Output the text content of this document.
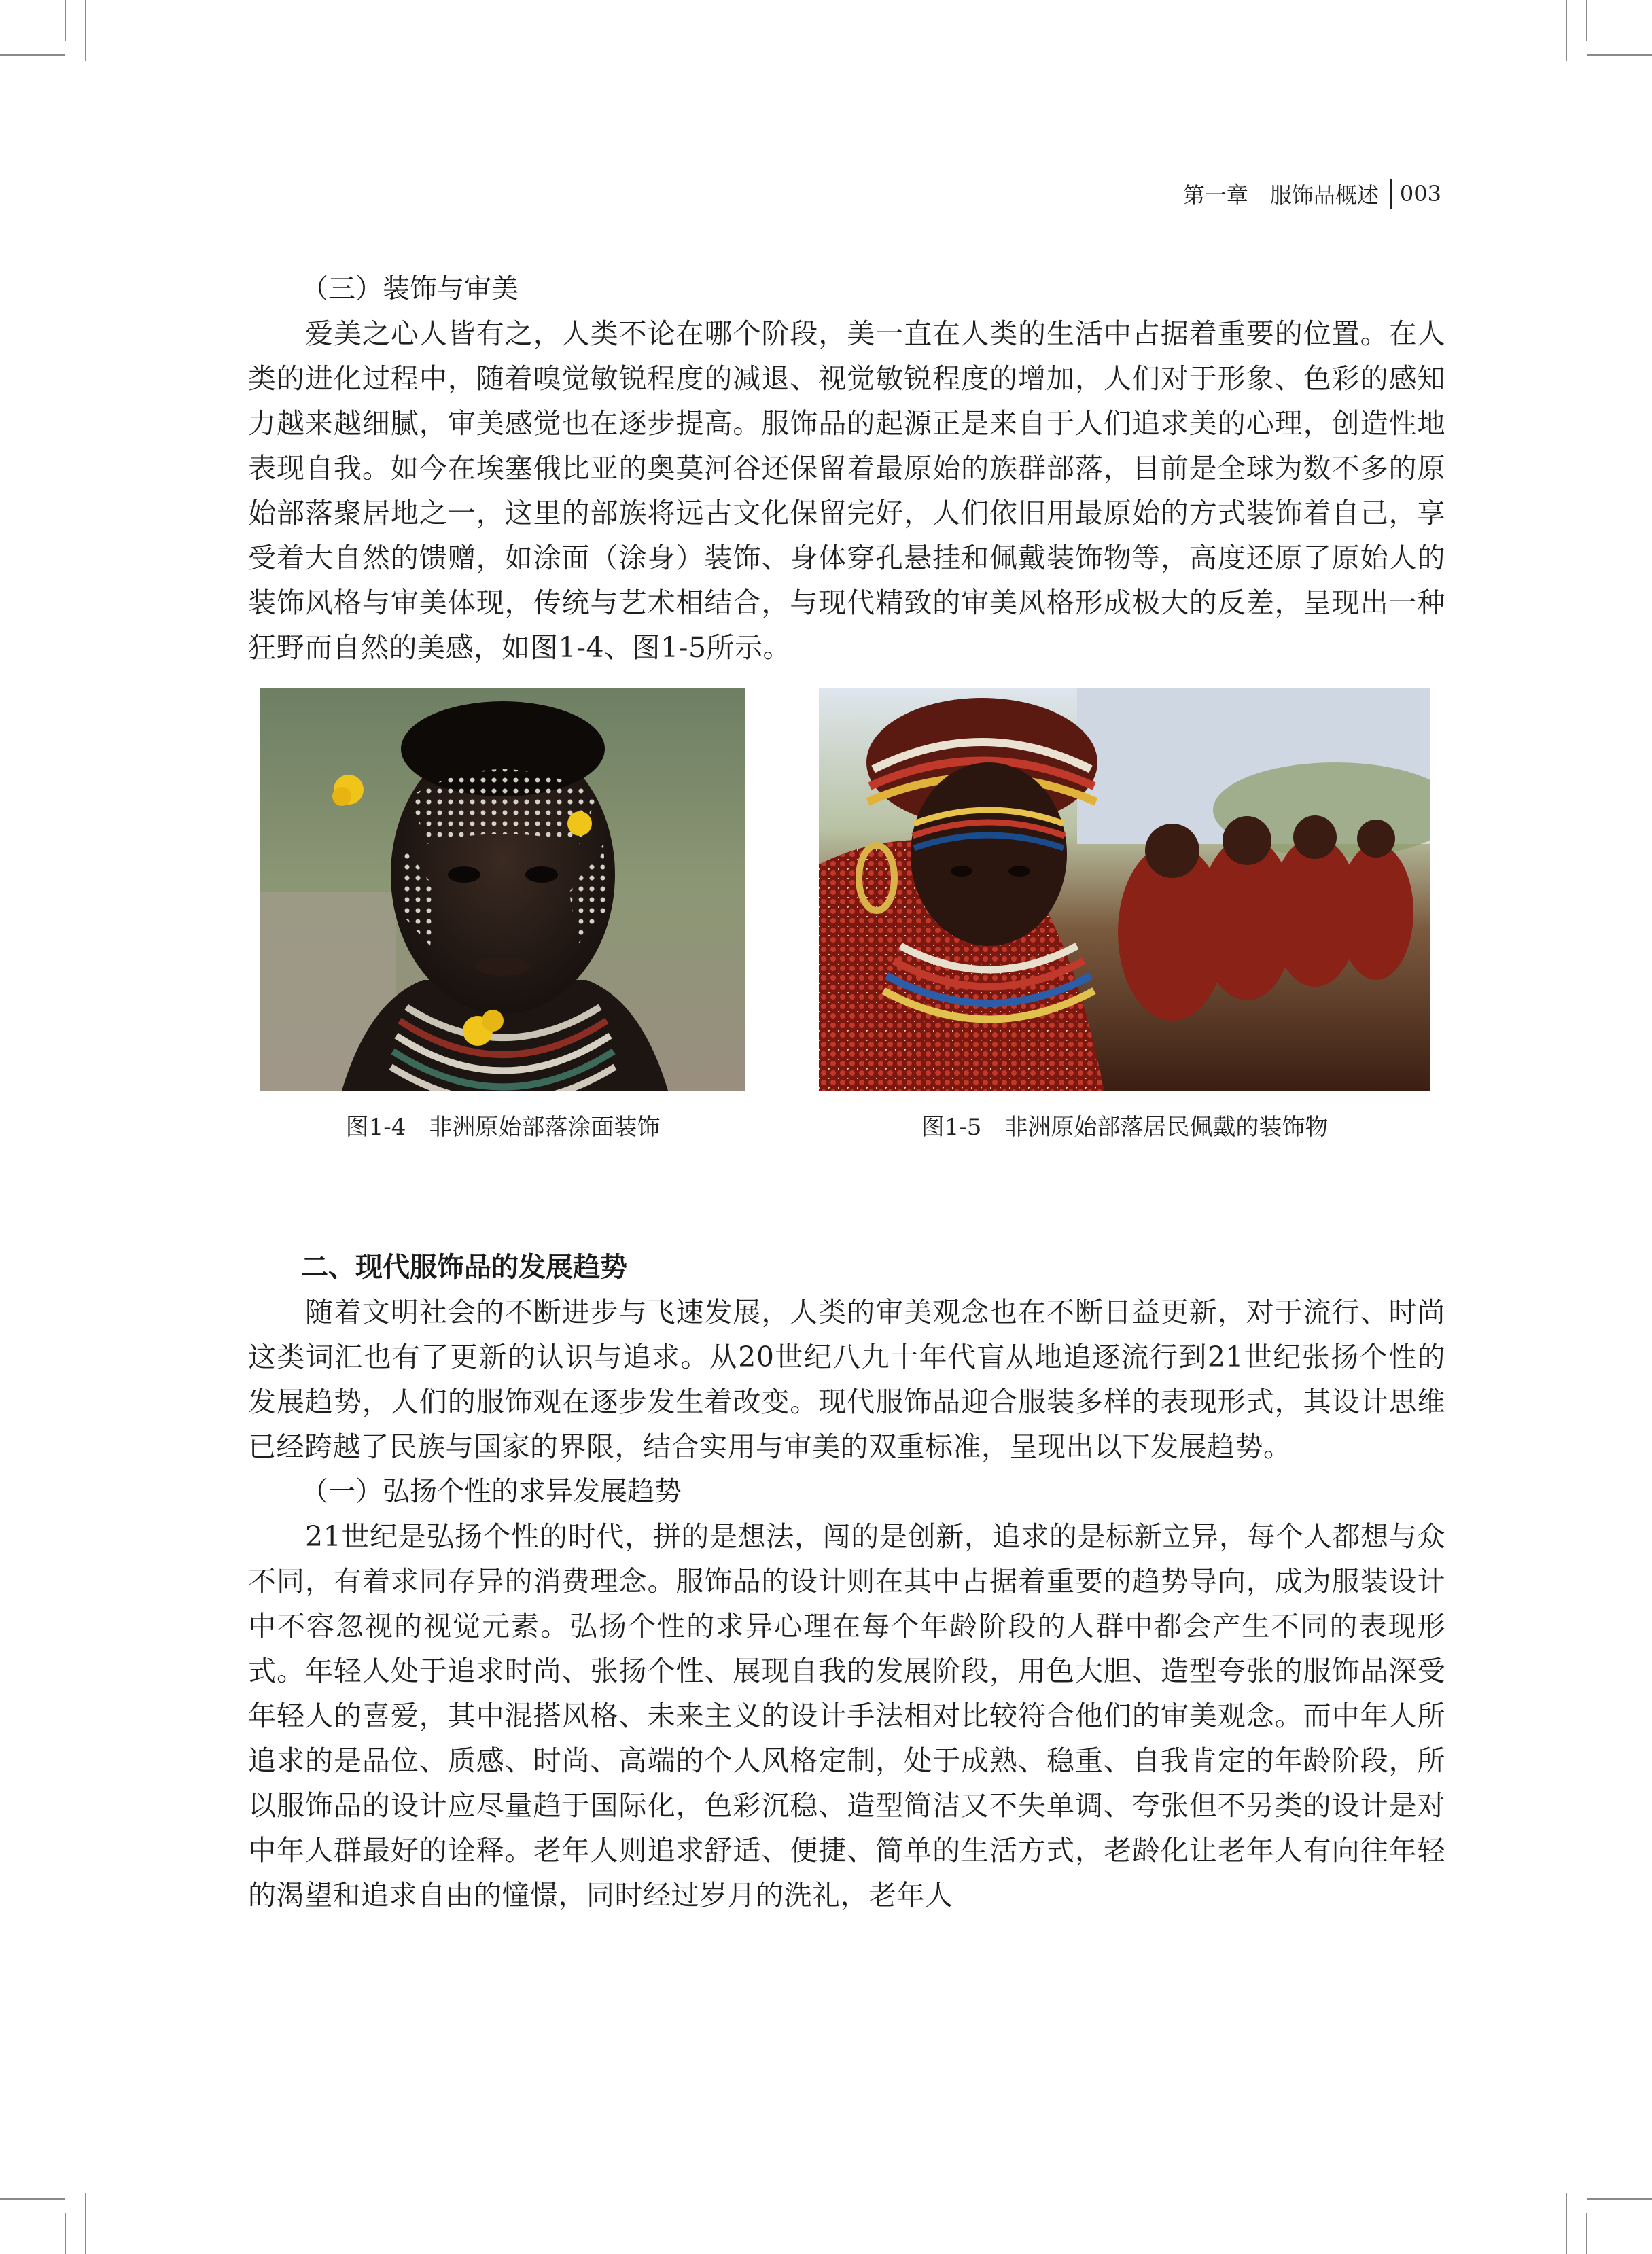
第一章　服饰品概述 003
（三）装饰与审美

爱美之心人皆有之，人类不论在哪个阶段，美一直在人类的生活中占据着重要的位置。在人类的进化过程中，随着嗅觉敏锐程度的减退、视觉敏锐程度的增加，人们对于形象、色彩的感知力越来越细腻，审美感觉也在逐步提高。服饰品的起源正是来自于人们追求美的心理，创造性地表现自我。如今在埃塞俄比亚的奥莫河谷还保留着最原始的族群部落，目前是全球为数不多的原始部落聚居地之一，这里的部族将远古文化保留完好，人们依旧用最原始的方式装饰着自己，享受着大自然的馈赠，如涂面（涂身）装饰、身体穿孔悬挂和佩戴装饰物等，高度还原了原始人的装饰风格与审美体现，传统与艺术相结合，与现代精致的审美风格形成极大的反差，呈现出一种狂野而自然的美感，如图1-4、图1-5所示。

图1-4　非洲原始部落涂面装饰	图1-5　非洲原始部落居民佩戴的装饰物
二、现代服饰品的发展趋势

随着文明社会的不断进步与飞速发展，人类的审美观念也在不断日益更新，对于流行、时尚这类词汇也有了更新的认识与追求。从20世纪八九十年代盲从地追逐流行到21世纪张扬个性的发展趋势，人们的服饰观在逐步发生着改变。现代服饰品迎合服装多样的表现形式，其设计思维已经跨越了民族与国家的界限，结合实用与审美的双重标准，呈现出以下发展趋势。

（一）弘扬个性的求异发展趋势

21世纪是弘扬个性的时代，拼的是想法，闯的是创新，追求的是标新立异，每个人都想与众不同，有着求同存异的消费理念。服饰品的设计则在其中占据着重要的趋势导向，成为服装设计中不容忽视的视觉元素。弘扬个性的求异心理在每个年龄阶段的人群中都会产生不同的表现形式。年轻人处于追求时尚、张扬个性、展现自我的发展阶段，用色大胆、造型夸张的服饰品深受年轻人的喜爱，其中混搭风格、未来主义的设计手法相对比较符合他们的审美观念。而中年人所追求的是品位、质感、时尚、高端的个人风格定制，处于成熟、稳重、自我肯定的年龄阶段，所以服饰品的设计应尽量趋于国际化，色彩沉稳、造型简洁又不失单调、夸张但不另类的设计是对中年人群最好的诠释。老年人则追求舒适、便捷、简单的生活方式，老龄化让老年人有向往年轻的渴望和追求自由的憧憬，同时经过岁月的洗礼，老年人
